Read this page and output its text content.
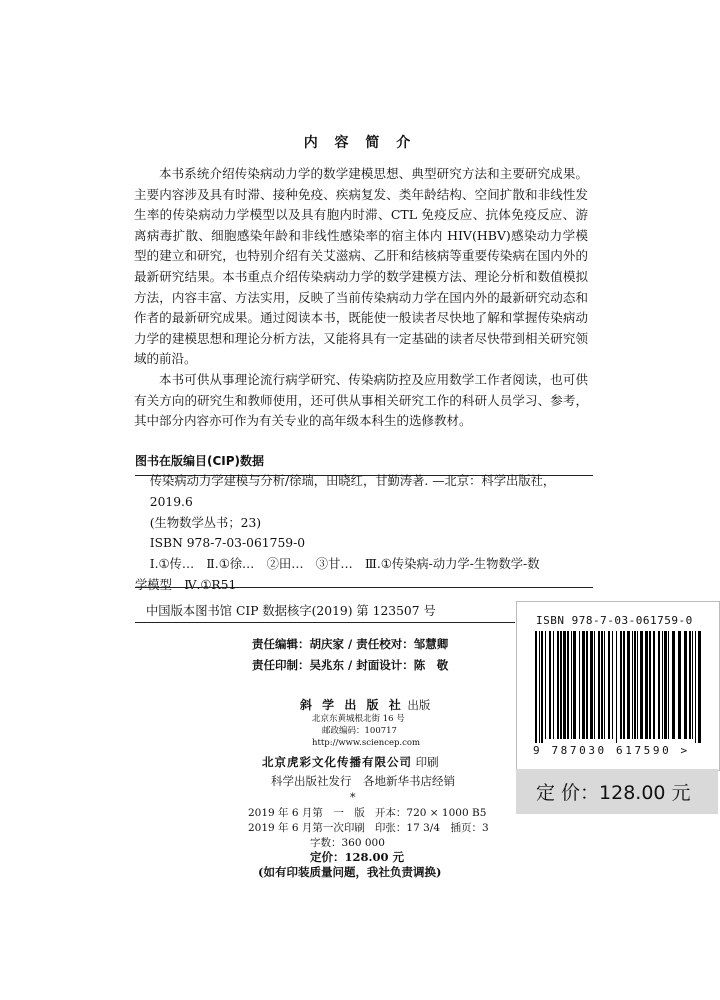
内 容 简 介

本书系统介绍传染病动力学的数学建模思想、典型研究方法和主要研究成果。主要内容涉及具有时滞、接种免疫、疾病复发、类年龄结构、空间扩散和非线性发生率的传染病动力学模型以及具有胞内时滞、CTL 免疫反应、抗体免疫反应、游离病毒扩散、细胞感染年龄和非线性感染率的宿主体内 HIV(HBV)感染动力学模型的建立和研究，也特别介绍有关艾滋病、乙肝和结核病等重要传染病在国内外的最新研究结果。本书重点介绍传染病动力学的数学建模方法、理论分析和数值模拟方法，内容丰富、方法实用，反映了当前传染病动力学在国内外的最新研究动态和作者的最新研究成果。通过阅读本书，既能使一般读者尽快地了解和掌握传染病动力学的建模思想和理论分析方法，又能将具有一定基础的读者尽快带到相关研究领域的前沿。

本书可供从事理论流行病学研究、传染病防控及应用数学工作者阅读，也可供有关方向的研究生和教师使用，还可供从事相关研究工作的科研人员学习、参考，其中部分内容亦可作为有关专业的高年级本科生的选修教材。

图书在版编目(CIP)数据

传染病动力学建模与分析/徐瑞，田晓红，甘勤涛著. —北京：科学出版社，

2019.6

(生物数学丛书；23)

ISBN 978-7-03-061759-0

Ⅰ.①传…　Ⅱ.①徐…　②田…　③甘…　Ⅲ.①传染病-动力学-生物数学-数

学模型　Ⅳ.①R51

中国版本图书馆 CIP 数据核字(2019) 第 123507 号
责任编辑：胡庆家 / 责任校对：邹慧卿
责任印制：吴兆东 / 封面设计：陈　敬
斜 学 出 版 社 出版
北京东黄城根北街 16 号
邮政编码：100717
http://www.sciencep.com
北京虎彩文化传播有限公司 印刷
科学出版社发行　各地新华书店经销
*
2019 年 6 月第　一　版 开本：720 × 1000 B5
2019 年 6 月第一次印刷 印张：17 3/4　插页：3
字数：360 000
定价：128.00 元
(如有印装质量问题，我社负责调换)
ISBN 978-7-03-061759-0
9 787030 617590 >
定 价：128.00 元
